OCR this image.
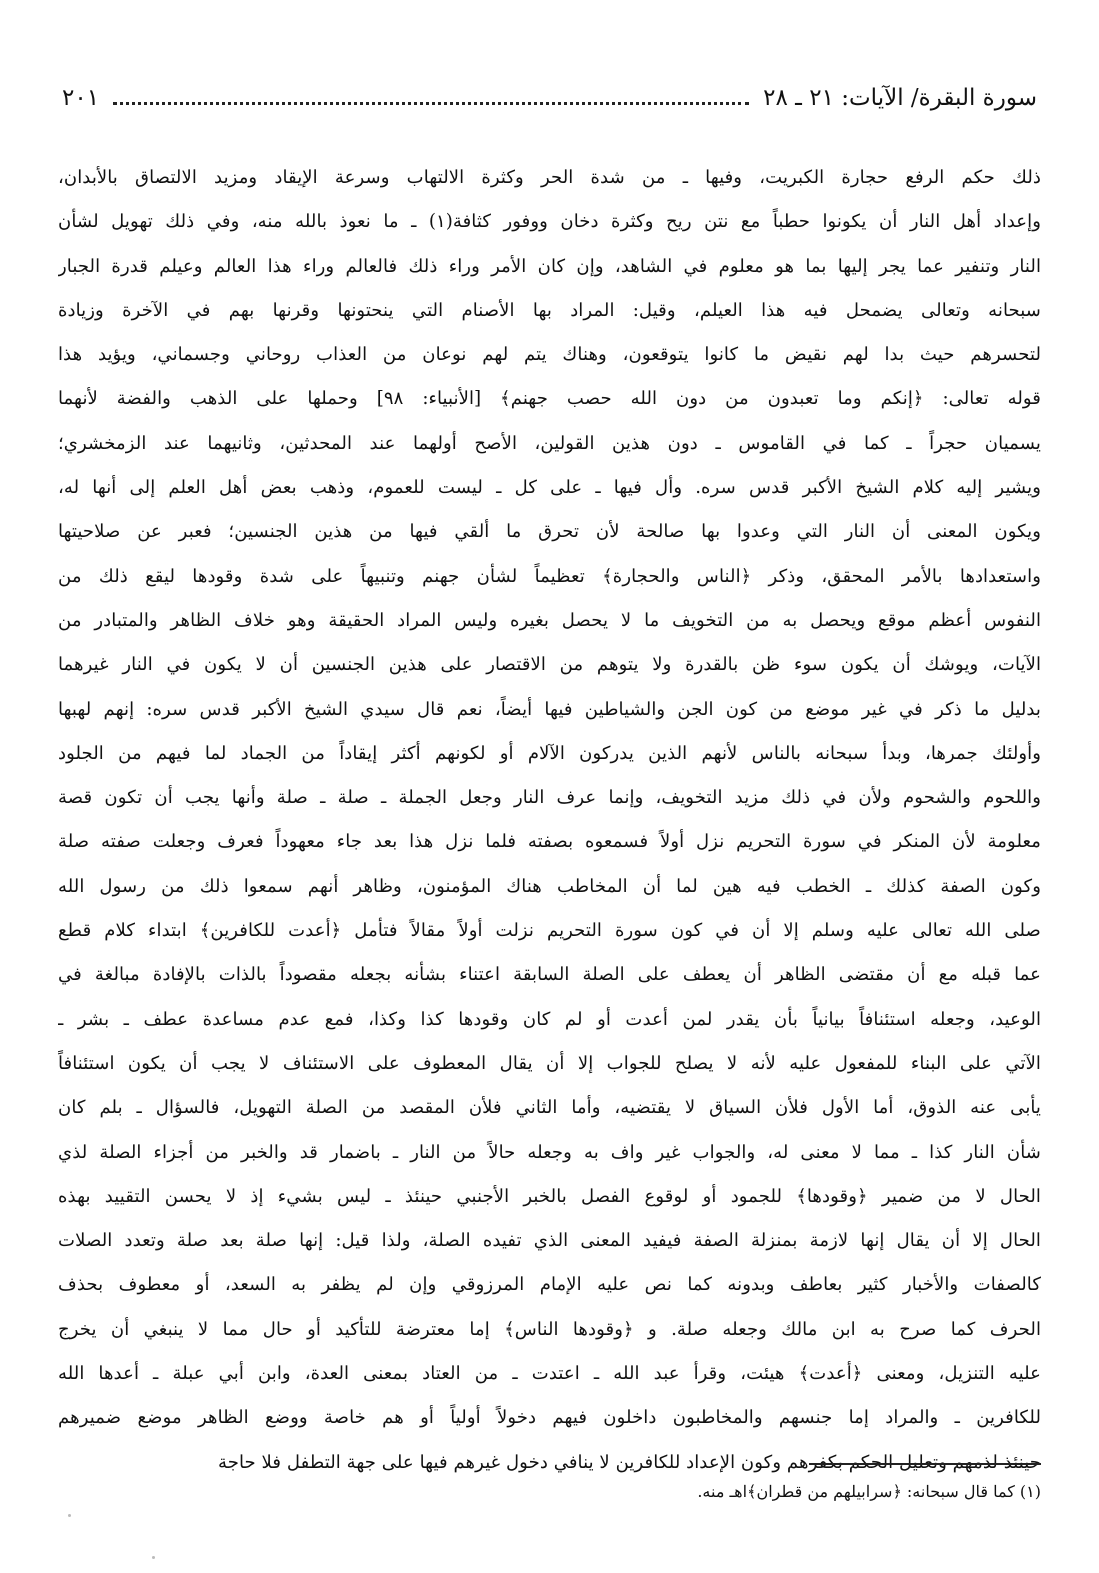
سورة البقرة/ الآيات: ٢١ ـ ٢٨
٢٠١
ذلك حكم الرفع حجارة الكبريت، وفيها ـ من شدة الحر وكثرة الالتهاب وسرعة الإيقاد ومزيد الالتصاق بالأبدان،
وإعداد أهل النار أن يكونوا حطباً مع نتن ريح وكثرة دخان ووفور كثافة(١) ـ ما نعوذ بالله منه، وفي ذلك تهويل لشأن
النار وتنفير عما يجر إليها بما هو معلوم في الشاهد، وإن كان الأمر وراء ذلك فالعالم وراء هذا العالم وعيلم قدرة الجبار
سبحانه وتعالى يضمحل فيه هذا العيلم، وقيل: المراد بها الأصنام التي ينحتونها وقرنها بهم في الآخرة وزيادة
لتحسرهم حيث بدا لهم نقيض ما كانوا يتوقعون، وهناك يتم لهم نوعان من العذاب روحاني وجسماني، ويؤيد هذا
قوله تعالى: ﴿إنكم وما تعبدون من دون الله حصب جهنم﴾ [الأنبياء: ٩٨] وحملها على الذهب والفضة لأنهما
يسميان حجراً ـ كما في القاموس ـ دون هذين القولين، الأصح أولهما عند المحدثين، وثانيهما عند الزمخشري؛
ويشير إليه كلام الشيخ الأكبر قدس سره. وأل فيها ـ على كل ـ ليست للعموم، وذهب بعض أهل العلم إلى أنها له،
ويكون المعنى أن النار التي وعدوا بها صالحة لأن تحرق ما ألقي فيها من هذين الجنسين؛ فعبر عن صلاحيتها
واستعدادها بالأمر المحقق، وذكر ﴿الناس والحجارة﴾ تعظيماً لشأن جهنم وتنبيهاً على شدة وقودها ليقع ذلك من
النفوس أعظم موقع ويحصل به من التخويف ما لا يحصل بغيره وليس المراد الحقيقة وهو خلاف الظاهر والمتبادر من
الآيات، ويوشك أن يكون سوء ظن بالقدرة ولا يتوهم من الاقتصار على هذين الجنسين أن لا يكون في النار غيرهما
بدليل ما ذكر في غير موضع من كون الجن والشياطين فيها أيضاً، نعم قال سيدي الشيخ الأكبر قدس سره: إنهم لهبها
وأولئك جمرها، وبدأ سبحانه بالناس لأنهم الذين يدركون الآلام أو لكونهم أكثر إيقاداً من الجماد لما فيهم من الجلود
واللحوم والشحوم ولأن في ذلك مزيد التخويف، وإنما عرف النار وجعل الجملة ـ صلة ـ صلة وأنها يجب أن تكون قصة
معلومة لأن المنكر في سورة التحريم نزل أولاً فسمعوه بصفته فلما نزل هذا بعد جاء معهوداً فعرف وجعلت صفته صلة
وكون الصفة كذلك ـ الخطب فيه هين لما أن المخاطب هناك المؤمنون، وظاهر أنهم سمعوا ذلك من رسول الله
صلى الله تعالى عليه وسلم إلا أن في كون سورة التحريم نزلت أولاً مقالاً فتأمل ﴿أعدت للكافرين﴾ ابتداء كلام قطع
عما قبله مع أن مقتضى الظاهر أن يعطف على الصلة السابقة اعتناء بشأنه بجعله مقصوداً بالذات بالإفادة مبالغة في
الوعيد، وجعله استئنافاً بيانياً بأن يقدر لمن أعدت أو لم كان وقودها كذا وكذا، فمع عدم مساعدة عطف ـ بشر ـ
الآتي على البناء للمفعول عليه لأنه لا يصلح للجواب إلا أن يقال المعطوف على الاستئناف لا يجب أن يكون استئنافاً
يأبى عنه الذوق، أما الأول فلأن السياق لا يقتضيه، وأما الثاني فلأن المقصد من الصلة التهويل، فالسؤال ـ بلم كان
شأن النار كذا ـ مما لا معنى له، والجواب غير واف به وجعله حالاً من النار ـ باضمار قد والخبر من أجزاء الصلة لذي
الحال لا من ضمير ﴿وقودها﴾ للجمود أو لوقوع الفصل بالخبر الأجنبي حينئذ ـ ليس بشيء إذ لا يحسن التقييد بهذه
الحال إلا أن يقال إنها لازمة بمنزلة الصفة فيفيد المعنى الذي تفيده الصلة، ولذا قيل: إنها صلة بعد صلة وتعدد الصلات
كالصفات والأخبار كثير بعاطف وبدونه كما نص عليه الإمام المرزوقي وإن لم يظفر به السعد، أو معطوف بحذف
الحرف كما صرح به ابن مالك وجعله صلة. و ﴿وقودها الناس﴾ إما معترضة للتأكيد أو حال مما لا ينبغي أن يخرج
عليه التنزيل، ومعنى ﴿أعدت﴾ هيئت، وقرأ عبد الله ـ اعتدت ـ من العتاد بمعنى العدة، وابن أبي عبلة ـ أعدها الله
للكافرين ـ والمراد إما جنسهم والمخاطبون داخلون فيهم دخولاً أولياً أو هم خاصة ووضع الظاهر موضع ضميرهم
حينئذ لذمهم وتعليل الحكم بكفرهم وكون الإعداد للكافرين لا ينافي دخول غيرهم فيها على جهة التطفل فلا حاجة
(١) كما قال سبحانه: ﴿سرابيلهم من قطران﴾اهـ منه.
